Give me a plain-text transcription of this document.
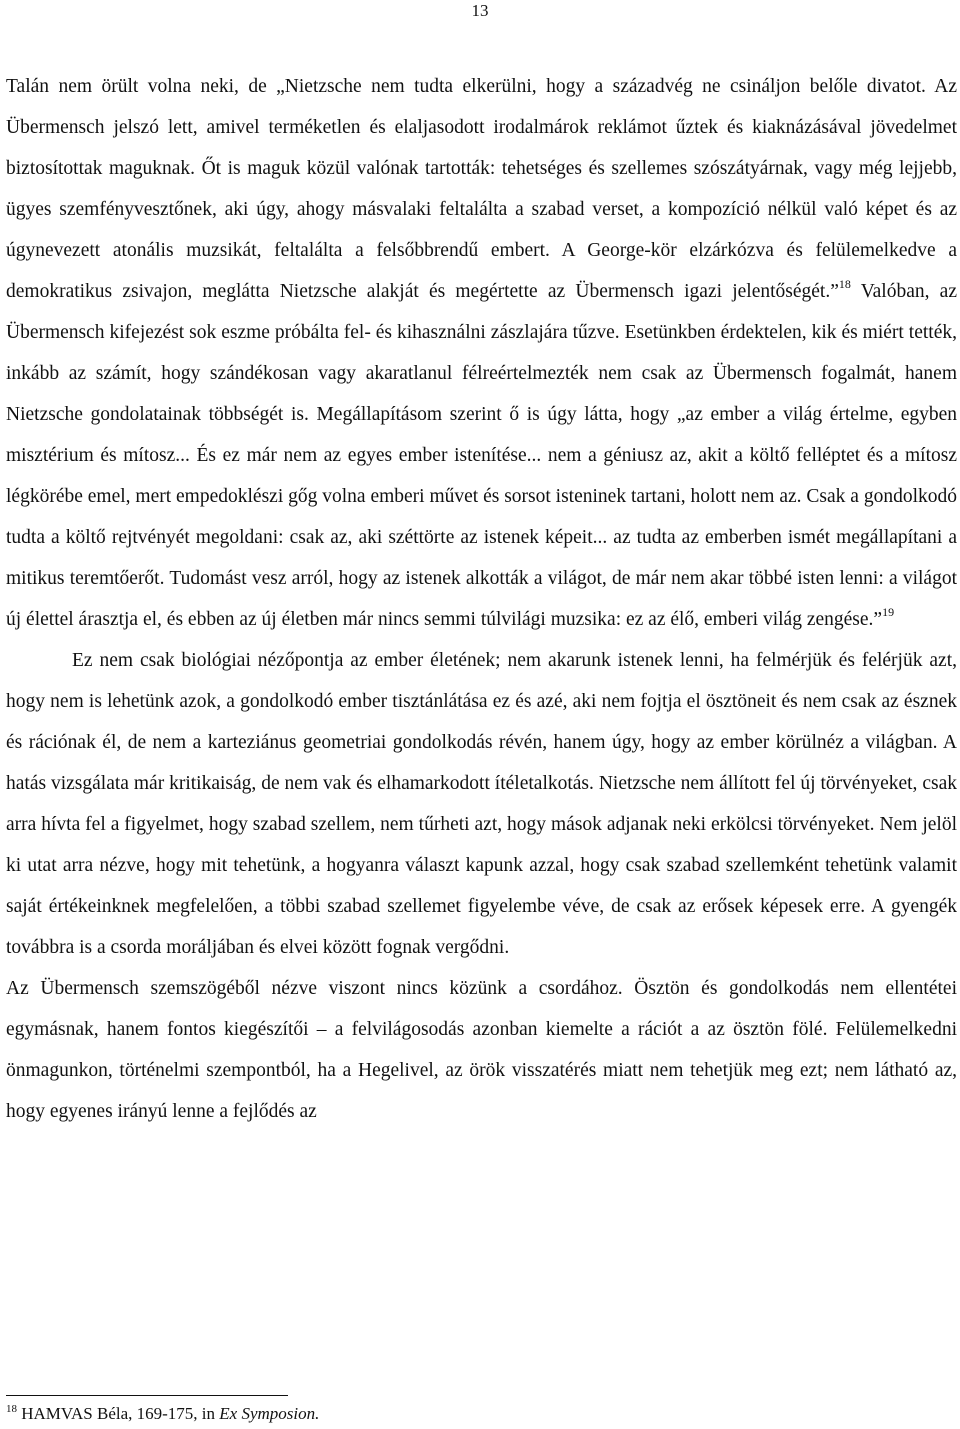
13

Talán nem örült volna neki, de „Nietzsche nem tudta elkerülni, hogy a századvég ne csináljon belőle divatot. Az Übermensch jelszó lett, amivel terméketlen és elaljasodott irodalmárok reklámot űztek és kiaknázásával jövedelmet biztosítottak maguknak. Őt is maguk közül valónak tartották: tehetséges és szellemes szószátyárnak, vagy még lejjebb, ügyes szemfényvesztőnek, aki úgy, ahogy másvalaki feltalálta a szabad verset, a kompozíció nélkül való képet és az úgynevezett atonális muzsikát, feltalálta a felsőbbrendű embert. A George-kör elzárkózva és felülemelkedve a demokratikus zsivajon, meglátta Nietzsche alakját és megértette az Übermensch igazi jelentőségét.”$^{18}$ Valóban, az Übermensch kifejezést sok eszme próbálta fel- és kihasználni zászlajára tűzve. Esetünkben érdektelen, kik és miért tették, inkább az számít, hogy szándékosan vagy akaratlanul félreértelmezték nem csak az Übermensch fogalmát, hanem Nietzsche gondolatainak többségét is. Megállapításom szerint ő is úgy látta, hogy „az ember a világ értelme, egyben misztérium és mítosz... És ez már nem az egyes ember istenítése... nem a géniusz az, akit a költő felléptet és a mítosz légkörébe emel, mert empedoklészi gőg volna emberi művet és sorsot isteninek tartani, holott nem az. Csak a gondolkodó tudta a költő rejtvényét megoldani: csak az, aki széttörte az istenek képeit... az tudta az emberben ismét megállapítani a mitikus teremtőerőt. Tudomást vesz arról, hogy az istenek alkották a világot, de már nem akar többé isten lenni: a világot új élettel árasztja el, és ebben az új életben már nincs semmi túlvilági muzsika: ez az élő, emberi világ zengése.”$^{19}$

Ez nem csak biológiai nézőpontja az ember életének; nem akarunk istenek lenni, ha felmérjük és felérjük azt, hogy nem is lehetünk azok, a gondolkodó ember tisztánlátása ez és azé, aki nem fojtja el ösztöneit és nem csak az észnek és rációnak él, de nem a karteziánus geometriai gondolkodás révén, hanem úgy, hogy az ember körülnéz a világban. A hatás vizsgálata már kritikaiság, de nem vak és elhamarkodott ítéletalkotás. Nietzsche nem állított fel új törvényeket, csak arra hívta fel a figyelmet, hogy szabad szellem, nem tűrheti azt, hogy mások adjanak neki erkölcsi törvényeket. Nem jelöl ki utat arra nézve, hogy mit tehetünk, a hogyanra választ kapunk azzal, hogy csak szabad szellemként tehetünk valamit saját értékeinknek megfelelően, a többi szabad szellemet figyelembe véve, de csak az erősek képesek erre. A gyengék továbbra is a csorda moráljában és elvei között fognak vergődni.

Az Übermensch szemszögéből nézve viszont nincs közünk a csordához. Ösztön és gondolkodás nem ellentétei egymásnak, hanem fontos kiegészítői – a felvilágosodás azonban kiemelte a rációt a az ösztön fölé. Felülemelkedni önmagunkon, történelmi szempontból, ha a Hegelivel, az örök visszatérés miatt nem tehetjük meg ezt; nem látható az, hogy egyenes irányú lenne a fejlődés az

$^{18}$ HAMVAS Béla, 169-175, in Ex Symposion.
